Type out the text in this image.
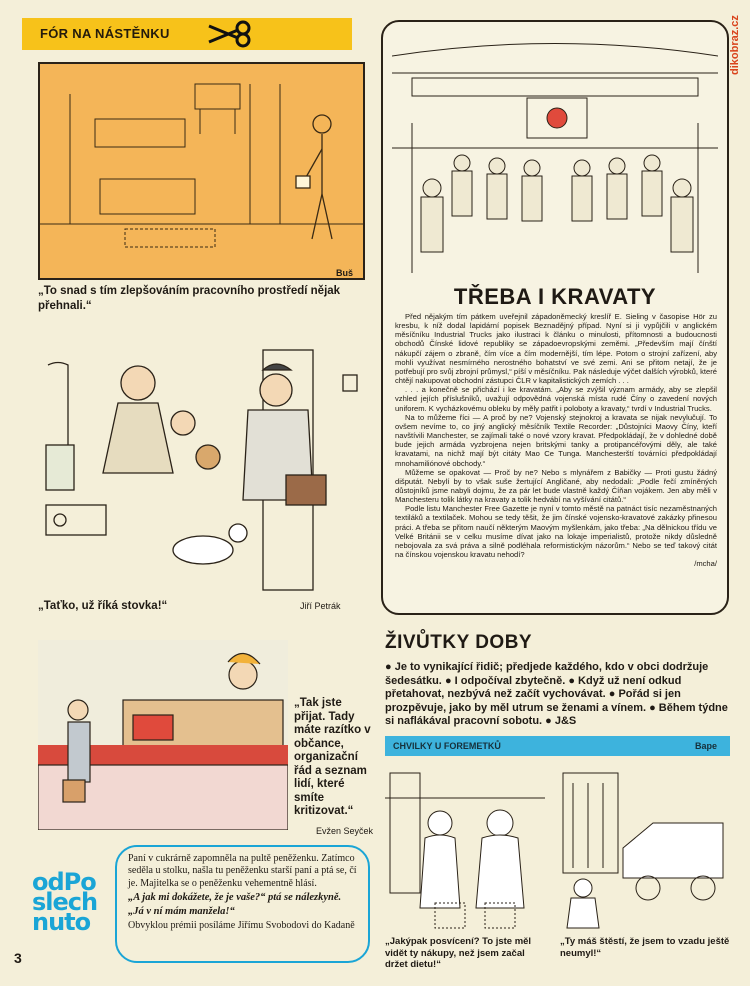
FÓR NA NÁSTĚNKU
Buš
„To snad s tím zlepšováním pracovního prostředí nějak přehnali.“
„Taťko, už říká stovka!“	Jiří Petrák
„Tak jste přijat. Tady máte razítko v občance, organizační řád a seznam lidí, které smíte kritizovat.“
Evžen Seyček
odPo
slech
nuto

Paní v cukrárně zapomněla na pultě peněženku. Zatímco seděla u stolku, našla tu peněženku starší paní a ptá se, čí je. Majitelka se o peněženku vehementně hlásí.

„A jak mi dokážete, že je vaše?“ ptá se nálezkyně.

„Já v ní mám manžela!“

Obvyklou prémii posíláme Jiřímu Svobodovi do Kadaně

3
dikobraz.cz
TŘEBA I KRAVATY

Před nějakým tím pátkem uveřejnil západoněmecký kreslíř E. Sieling v časopise Hör zu kresbu, k níž dodal lapidární popisek Beznadějný případ. Nyní si ji vypůjčili v anglickém měsíčníku Industrial Trucks jako ilustraci k článku o minulosti, přítomnosti a budoucnosti obchodů Čínské lidové republiky se západoevropskými zeměmi. „Především mají čínští nákupčí zájem o zbraně, čím více a čím modernější, tím lépe. Potom o strojní zařízení, aby mohli využívat nesmírného nerostného bohatství ve své zemi. Ani se přitom netají, že je potřebují pro svůj zbrojní průmysl,“ píší v měsíčníku. Pak následuje výčet dalších výrobků, které chtějí nakupovat obchodní zástupci ČLR v kapitalistických zemích . . .

. . . a konečně se přichází i ke kravatám. „Aby se zvýšil význam armády, aby se zlepšil vzhled jejích příslušníků, uvažují odpovědná vojenská místa rudé Číny o zavedení nových uniforem. K vycházkovému obleku by měly patřit i poloboty a kravaty,“ tvrdí v Industrial Trucks.

Na to můžeme říci — A proč by ne? Vojenský stejnokroj a kravata se nijak nevylučují. To ovšem nevíme to, co jiný anglický měsíčník Textile Recorder: „Důstojníci Maovy Číny, kteří navštívili Manchester, se zajímali také o nové vzory kravat. Předpokládají, že v dohledné době bude jejich armáda vyzbrojena nejen britskými tanky a protipancéřovými děly, ale také kravatami, na nichž mají být citáty Mao Ce Tunga. Manchesterští továrníci předpokládají mnohamiliónové obchody.“

Můžeme se opakovat — Proč by ne? Nebo s mlynářem z Babičky — Proti gustu žádný dišputát. Nebylí by to však suše žertující Angličané, aby nedodali: „Podle řečí zmíněných důstojníků jsme nabyli dojmu, že za pár let bude vlastně každý Číňan vojákem. Jen aby měli v Manchesteru tolik látky na kravaty a tolik hedvábí na vyšívání citátů.“

Podle listu Manchester Free Gazette je nyní v tomto městě na patnáct tisíc nezaměstnaných textiláků a textilaček. Mohou se tedy těšit, že jim čínské vojensko-kravatové zakázky přinesou práci. A třeba se přitom naučí některým Maovým myšlenkám, jako třeba: „Na dělnickou třídu ve Velké Británii se v celku musíme dívat jako na lokaje imperialistů, protože nikdy důsledně nebojovala za svá práva a silně podléhala reformistickým názorům.“ Nebo se teď takový citát na čínskou vojenskou kravatu nehodí?

/mcha/

ŽIVŮTKY DOBY
● Je to vynikající řidič; předjede každého, kdo v obci dodržuje šedesátku. ● I odpočíval zbytečně. ● Když už není odkud přetahovat, nezbývá než začít vychovávat. ● Pořád si jen prozpěvuje, jako by měl utrum se ženami a vínem. ● Během týdne si naflákával pracovní sobotu. ● J&S
CHVILKY U FOREMETKŮ	Bape
„Jakýpak posvícení? To jste měl vidět ty nákupy, než jsem začal držet dietu!“
„Ty máš štěstí, že jsem to vzadu ještě neumyl!“
